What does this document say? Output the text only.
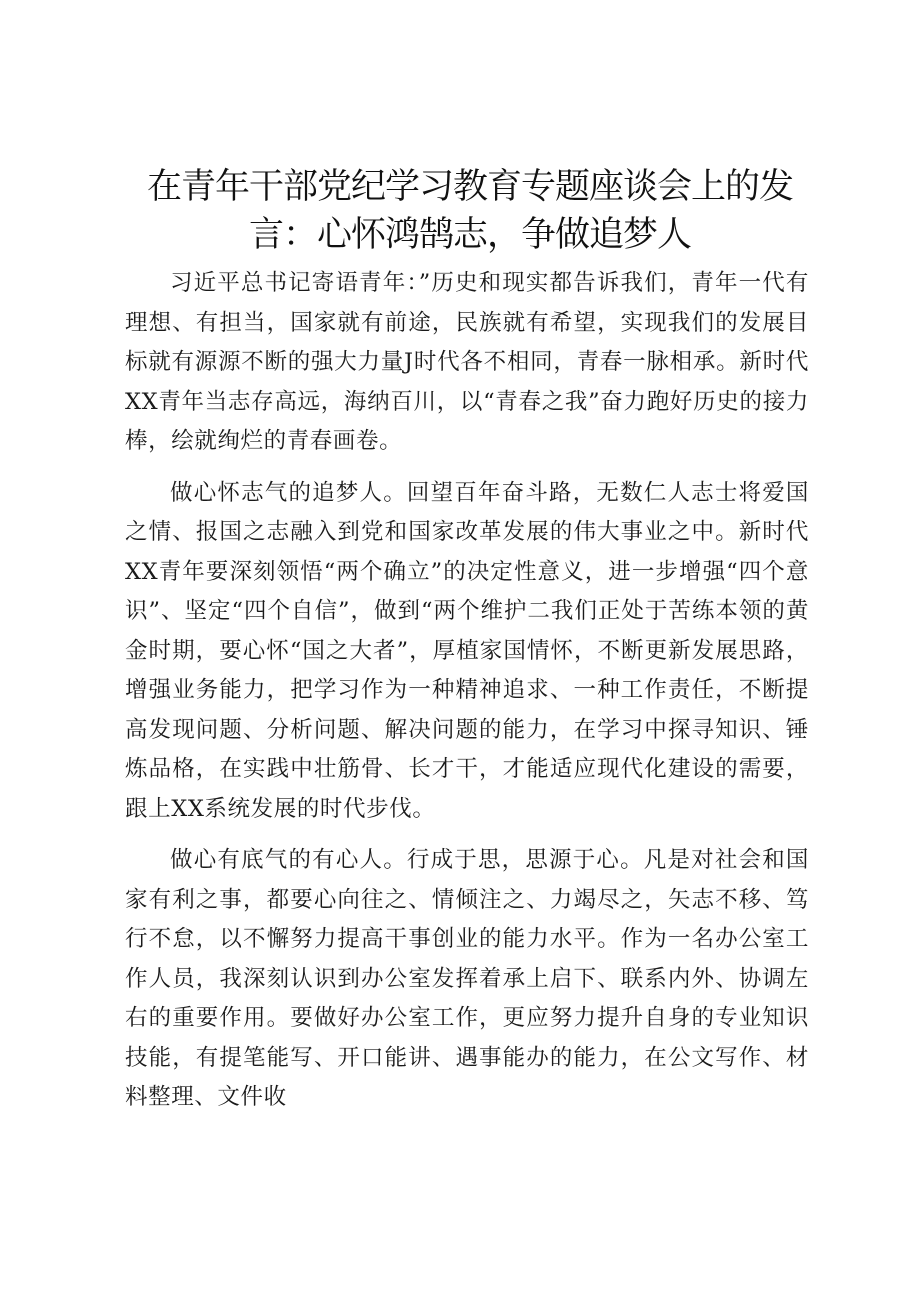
在青年干部党纪学习教育专题座谈会上的发言：心怀鸿鹄志，争做追梦人

习近平总书记寄语青年：”历史和现实都告诉我们，青年一代有理想、有担当，国家就有前途，民族就有希望，实现我们的发展目标就有源源不断的强大力量J时代各不相同，青春一脉相承。新时代XX青年当志存高远，海纳百川，以“青春之我”奋力跑好历史的接力棒，绘就绚烂的青春画卷。

做心怀志气的追梦人。回望百年奋斗路，无数仁人志士将爱国之情、报国之志融入到党和国家改革发展的伟大事业之中。新时代XX青年要深刻领悟“两个确立”的决定性意义，进一步增强“四个意识”、坚定“四个自信”，做到“两个维护二我们正处于苦练本领的黄金时期，要心怀“国之大者”，厚植家国情怀，不断更新发展思路，增强业务能力，把学习作为一种精神追求、一种工作责任，不断提高发现问题、分析问题、解决问题的能力，在学习中探寻知识、锤炼品格，在实践中壮筋骨、长才干，才能适应现代化建设的需要，跟上XX系统发展的时代步伐。

做心有底气的有心人。行成于思，思源于心。凡是对社会和国家有利之事，都要心向往之、情倾注之、力竭尽之，矢志不移、笃行不怠，以不懈努力提高干事创业的能力水平。作为一名办公室工作人员，我深刻认识到办公室发挥着承上启下、联系内外、协调左右的重要作用。要做好办公室工作，更应努力提升自身的专业知识技能，有提笔能写、开口能讲、遇事能办的能力，在公文写作、材料整理、文件收
